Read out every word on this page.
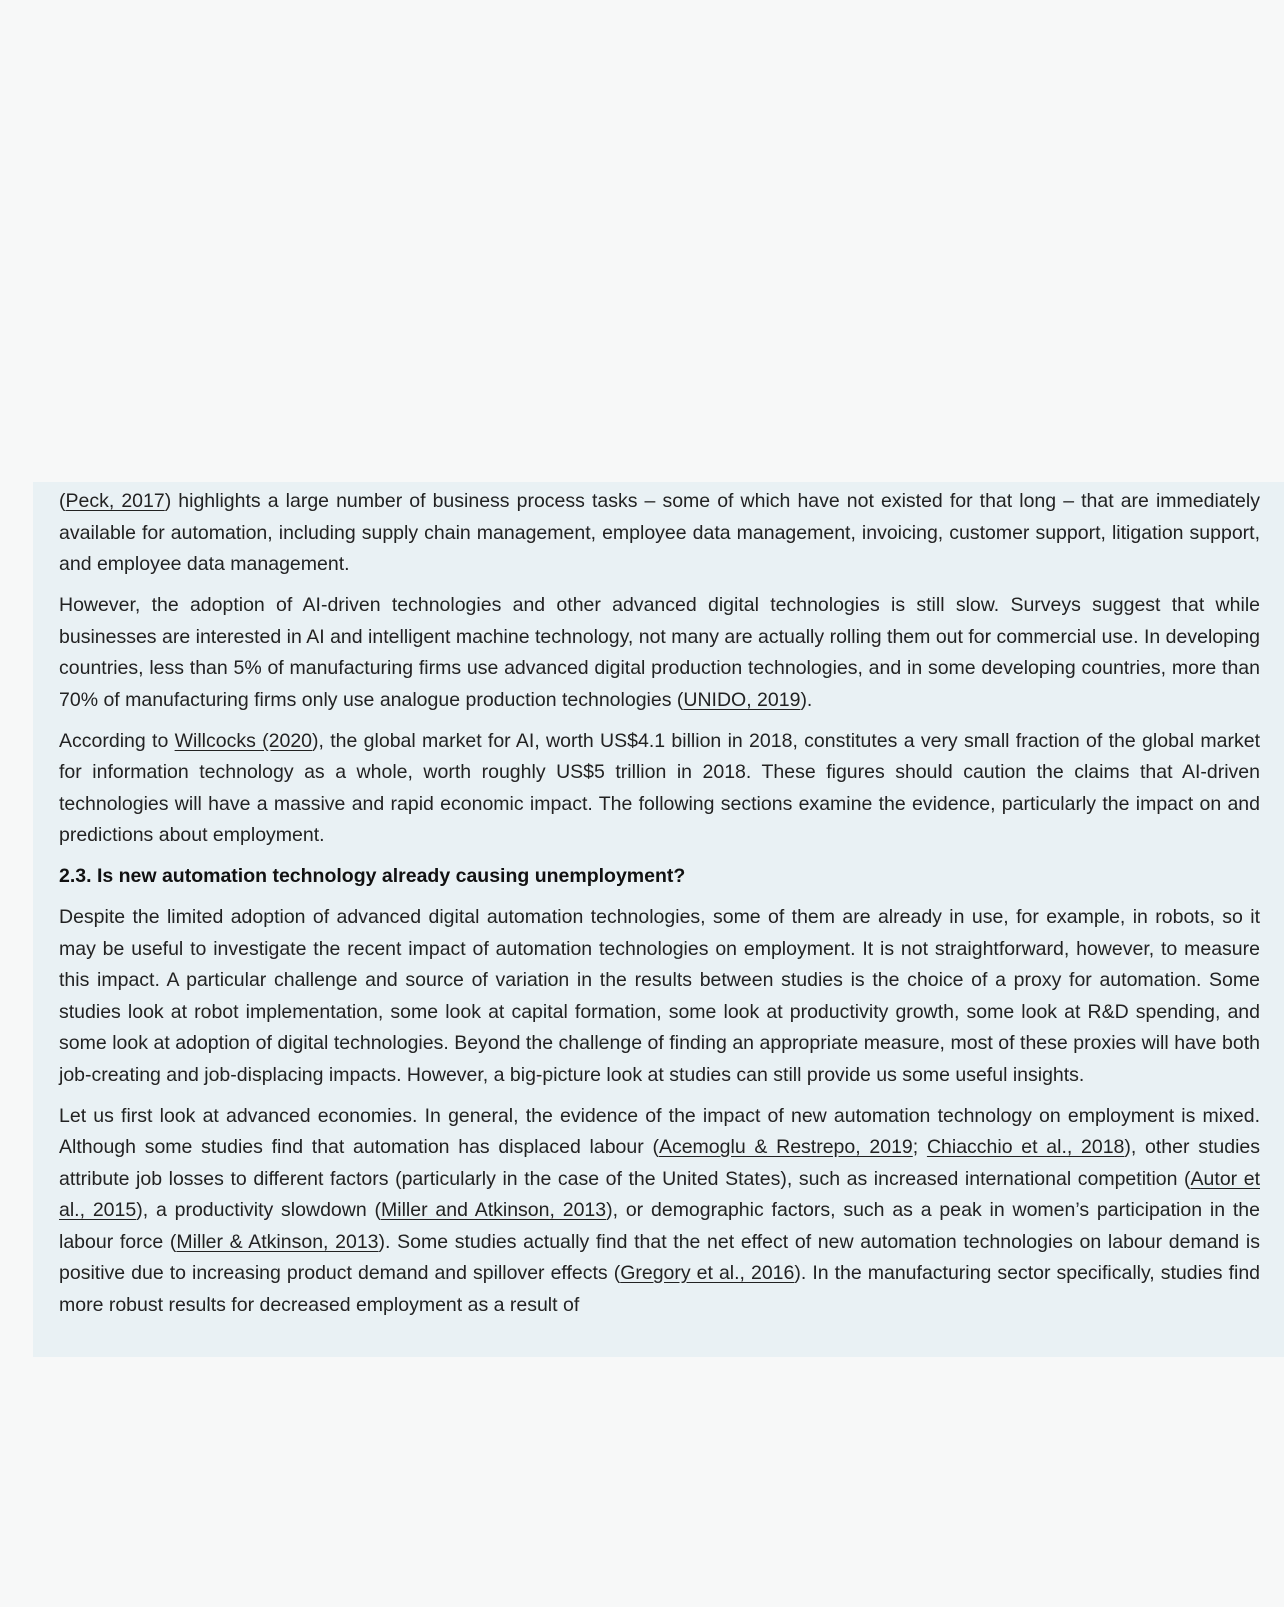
(Peck, 2017) highlights a large number of business process tasks – some of which have not existed for that long – that are immediately available for automation, including supply chain management, employee data management, invoicing, customer support, litigation support, and employee data management.

However, the adoption of AI-driven technologies and other advanced digital technologies is still slow. Surveys suggest that while businesses are interested in AI and intelligent machine technology, not many are actually rolling them out for commercial use. In developing countries, less than 5% of manufacturing firms use advanced digital production technologies, and in some developing countries, more than 70% of manufacturing firms only use analogue production technologies (UNIDO, 2019).

According to Willcocks (2020), the global market for AI, worth US$4.1 billion in 2018, constitutes a very small fraction of the global market for information technology as a whole, worth roughly US$5 trillion in 2018. These figures should caution the claims that AI-driven technologies will have a massive and rapid economic impact. The following sections examine the evidence, particularly the impact on and predictions about employment.

2.3. Is new automation technology already causing unemployment?

Despite the limited adoption of advanced digital automation technologies, some of them are already in use, for example, in robots, so it may be useful to investigate the recent impact of automation technologies on employment. It is not straightforward, however, to measure this impact. A particular challenge and source of variation in the results between studies is the choice of a proxy for automation. Some studies look at robot implementation, some look at capital formation, some look at productivity growth, some look at R&D spending, and some look at adoption of digital technologies. Beyond the challenge of finding an appropriate measure, most of these proxies will have both job-creating and job-displacing impacts. However, a big-picture look at studies can still provide us some useful insights.

Let us first look at advanced economies. In general, the evidence of the impact of new automation technology on employment is mixed. Although some studies find that automation has displaced labour (Acemoglu & Restrepo, 2019; Chiacchio et al., 2018), other studies attribute job losses to different factors (particularly in the case of the United States), such as increased international competition (Autor et al., 2015), a productivity slowdown (Miller and Atkinson, 2013), or demographic factors, such as a peak in women’s participation in the labour force (Miller & Atkinson, 2013). Some studies actually find that the net effect of new automation technologies on labour demand is positive due to increasing product demand and spillover effects (Gregory et al., 2016). In the manufacturing sector specifically, studies find more robust results for decreased employment as a result of
